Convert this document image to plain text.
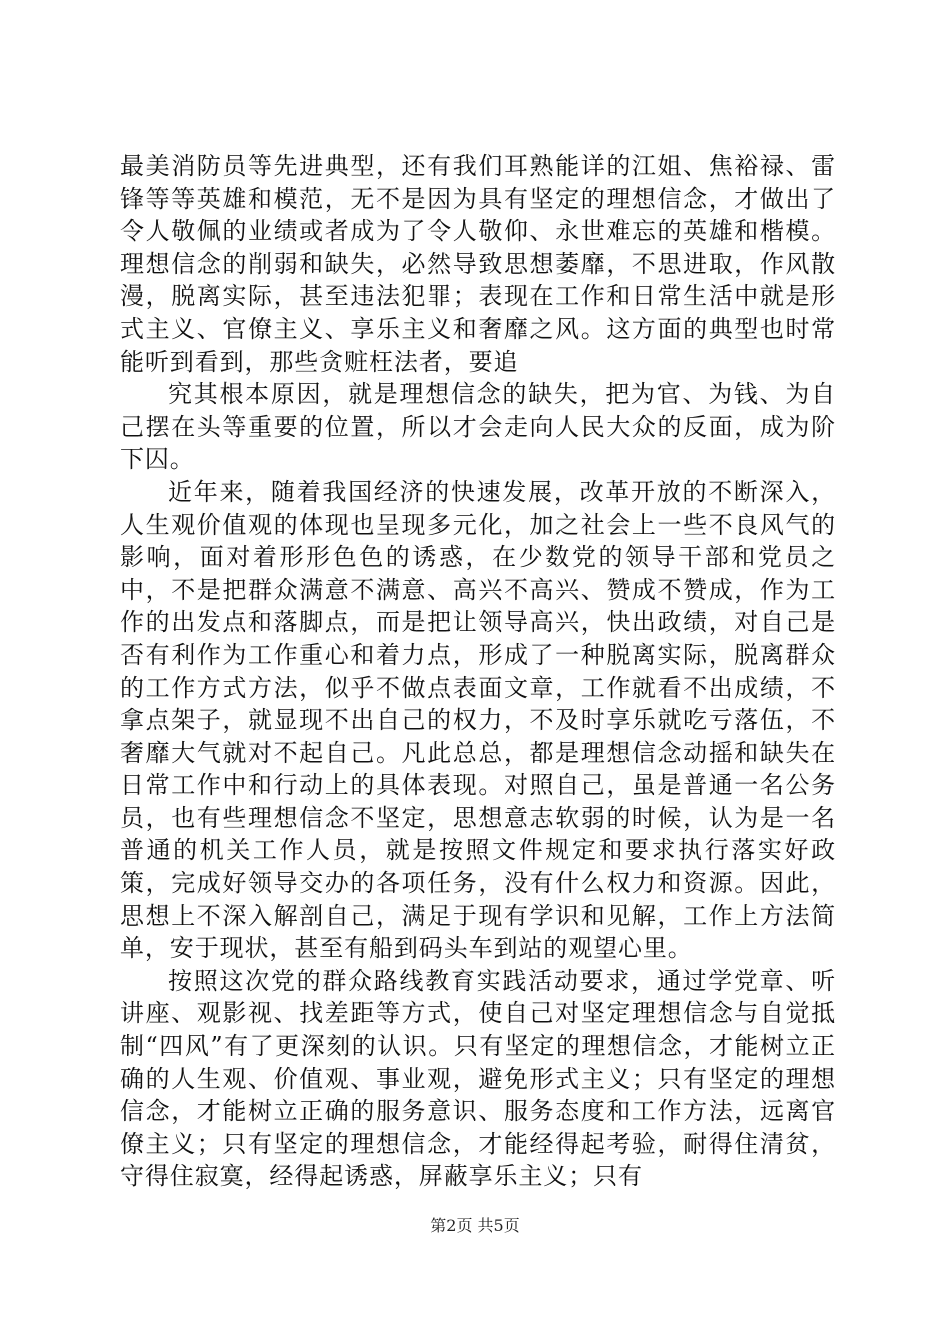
最美消防员等先进典型，还有我们耳熟能详的江姐、焦裕禄、雷锋等等英雄和模范，无不是因为具有坚定的理想信念，才做出了令人敬佩的业绩或者成为了令人敬仰、永世难忘的英雄和楷模。理想信念的削弱和缺失，必然导致思想萎靡，不思进取，作风散漫，脱离实际，甚至违法犯罪；表现在工作和日常生活中就是形式主义、官僚主义、享乐主义和奢靡之风。这方面的典型也时常能听到看到，那些贪赃枉法者，要追

究其根本原因，就是理想信念的缺失，把为官、为钱、为自己摆在头等重要的位置，所以才会走向人民大众的反面，成为阶下囚。

近年来，随着我国经济的快速发展，改革开放的不断深入，人生观价值观的体现也呈现多元化，加之社会上一些不良风气的影响，面对着形形色色的诱惑，在少数党的领导干部和党员之中，不是把群众满意不满意、高兴不高兴、赞成不赞成，作为工作的出发点和落脚点，而是把让领导高兴，快出政绩，对自己是否有利作为工作重心和着力点，形成了一种脱离实际，脱离群众的工作方式方法，似乎不做点表面文章，工作就看不出成绩，不拿点架子，就显现不出自己的权力，不及时享乐就吃亏落伍，不奢靡大气就对不起自己。凡此总总，都是理想信念动摇和缺失在日常工作中和行动上的具体表现。对照自己，虽是普通一名公务员，也有些理想信念不坚定，思想意志软弱的时候，认为是一名普通的机关工作人员，就是按照文件规定和要求执行落实好政策，完成好领导交办的各项任务，没有什么权力和资源。因此，思想上不深入解剖自己，满足于现有学识和见解，工作上方法简单，安于现状，甚至有船到码头车到站的观望心里。

按照这次党的群众路线教育实践活动要求，通过学党章、听讲座、观影视、找差距等方式，使自己对坚定理想信念与自觉抵制“四风”有了更深刻的认识。只有坚定的理想信念，才能树立正确的人生观、价值观、事业观，避免形式主义；只有坚定的理想信念，才能树立正确的服务意识、服务态度和工作方法，远离官僚主义；只有坚定的理想信念，才能经得起考验，耐得住清贫，守得住寂寞，经得起诱惑，屏蔽享乐主义；只有

第2页 共5页
